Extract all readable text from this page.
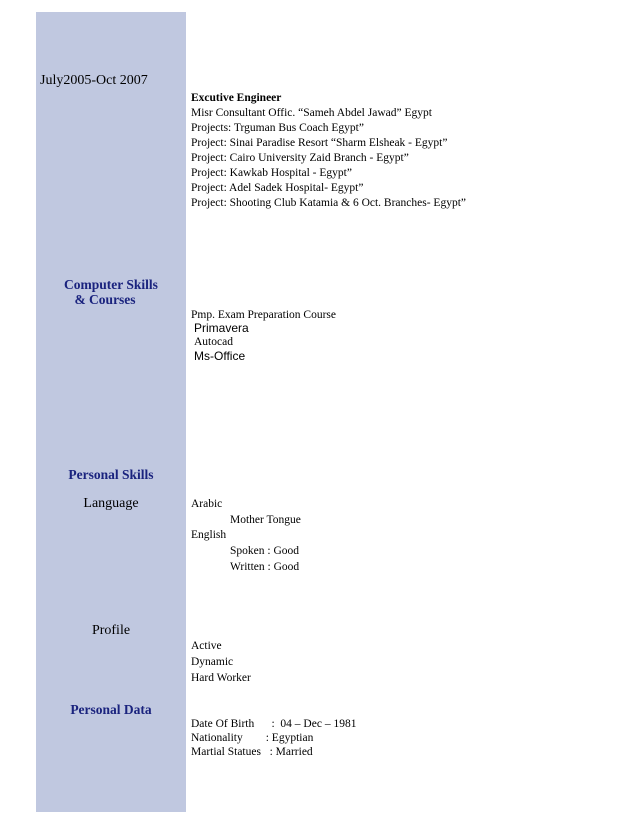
July2005-Oct 2007
Computer Skills
& Courses
Personal Skills
Language
Profile
Personal Data
Excutive Engineer
Misr Consultant Offic. “Sameh Abdel Jawad” Egypt
Projects: Trguman Bus Coach Egypt”
Project: Sinai Paradise Resort “Sharm Elsheak - Egypt”
Project: Cairo University Zaid Branch - Egypt”
Project: Kawkab Hospital - Egypt”
Project: Adel Sadek Hospital- Egypt”
Project: Shooting Club Katamia & 6 Oct. Branches- Egypt”
Pmp. Exam Preparation Course
Primavera
Autocad
Ms-Office
Arabic
Mother Tongue
English
Spoken : Good
Written : Good
Active
Dynamic
Hard Worker
Date Of Birth      :  04 – Dec – 1981
Nationality        : Egyptian
Martial Statues   : Married
